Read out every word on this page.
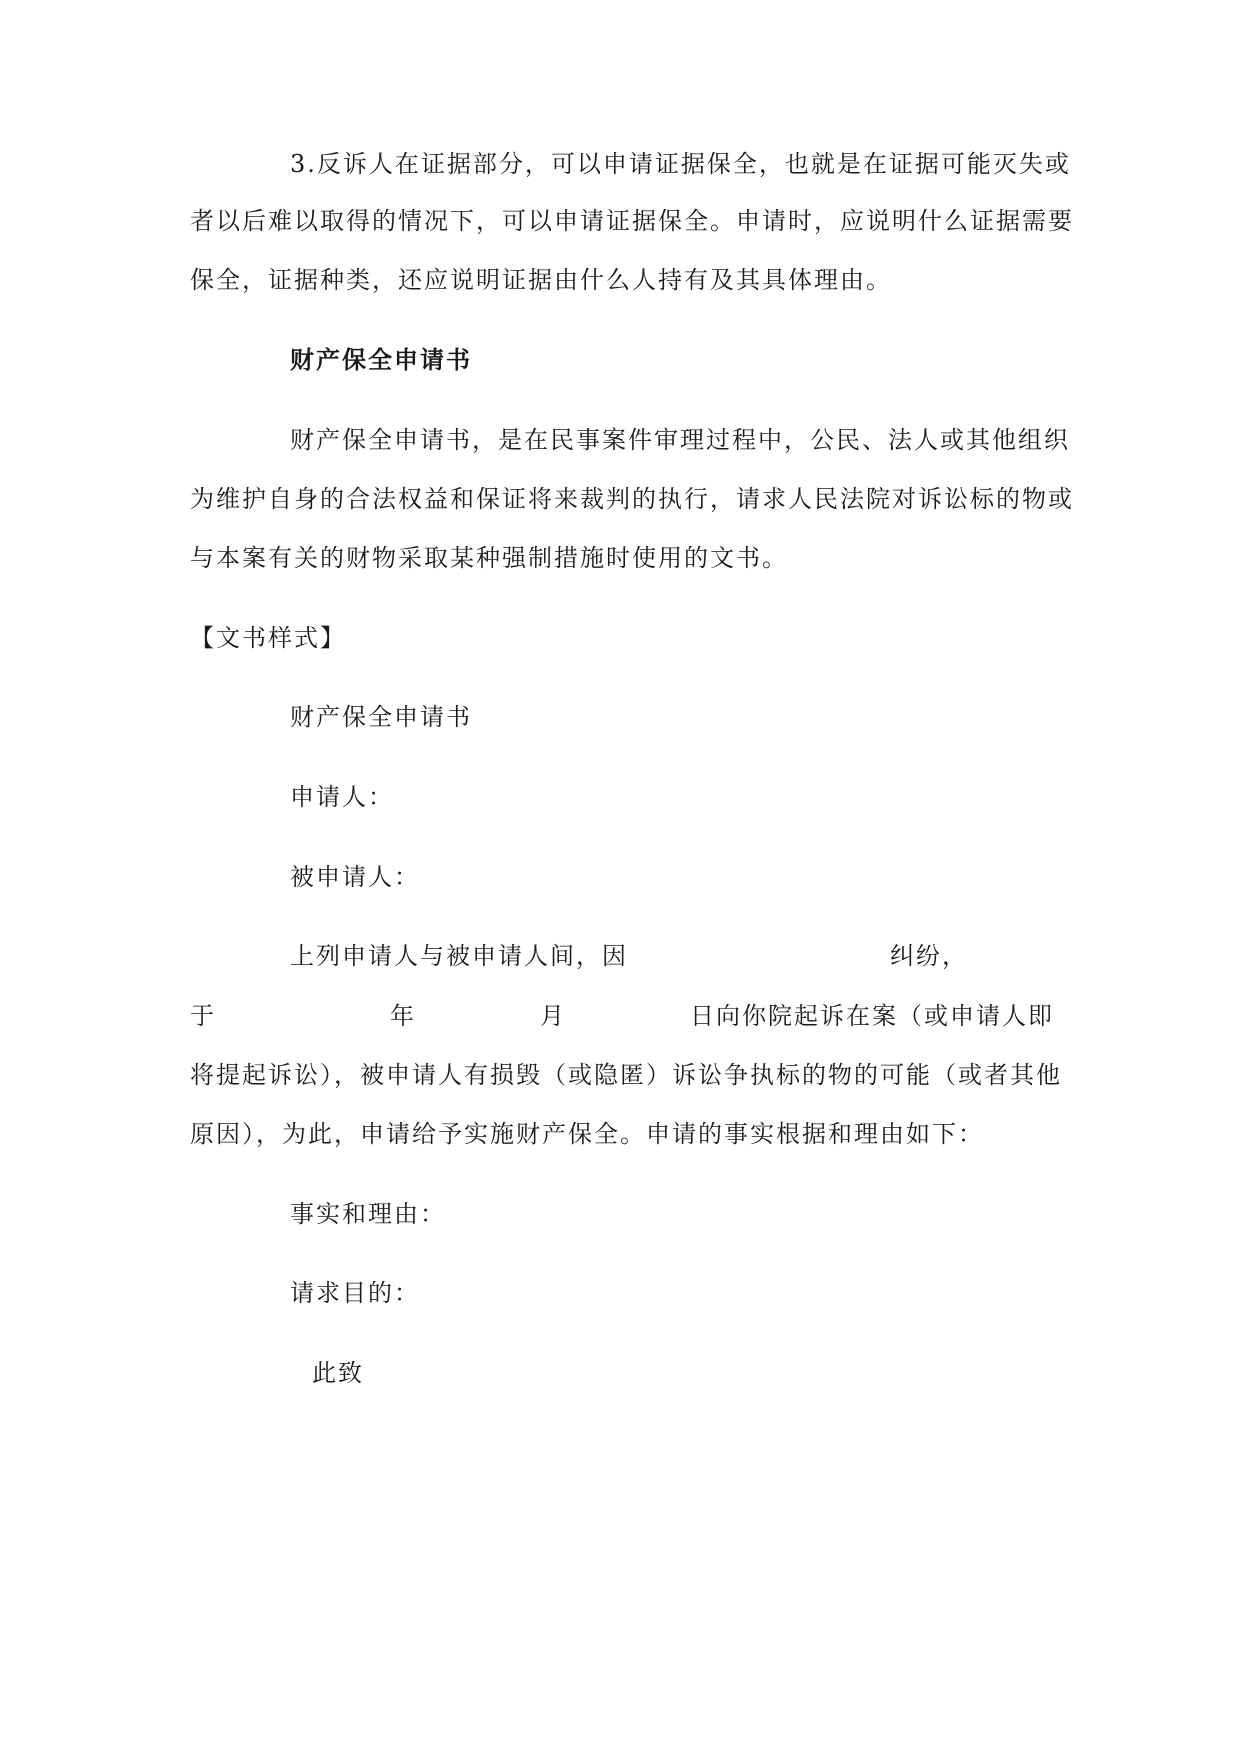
3.反诉人在证据部分，可以申请证据保全，也就是在证据可能灭失或
者以后难以取得的情况下，可以申请证据保全。申请时，应说明什么证据需要
保全，证据种类，还应说明证据由什么人持有及其具体理由。
财产保全申请书
财产保全申请书，是在民事案件审理过程中，公民、法人或其他组织
为维护自身的合法权益和保证将来裁判的执行，请求人民法院对诉讼标的物或
与本案有关的财物采取某种强制措施时使用的文书。
【文书样式】
财产保全申请书
申请人：
被申请人：
上列申请人与被申请人间，因	纠纷，
于	年	月	日向你院起诉在案（或申请人即
将提起诉讼），被申请人有损毁（或隐匿）诉讼争执标的物的可能（或者其他
原因），为此，申请给予实施财产保全。申请的事实根据和理由如下：
事实和理由：
请求目的：
此致
